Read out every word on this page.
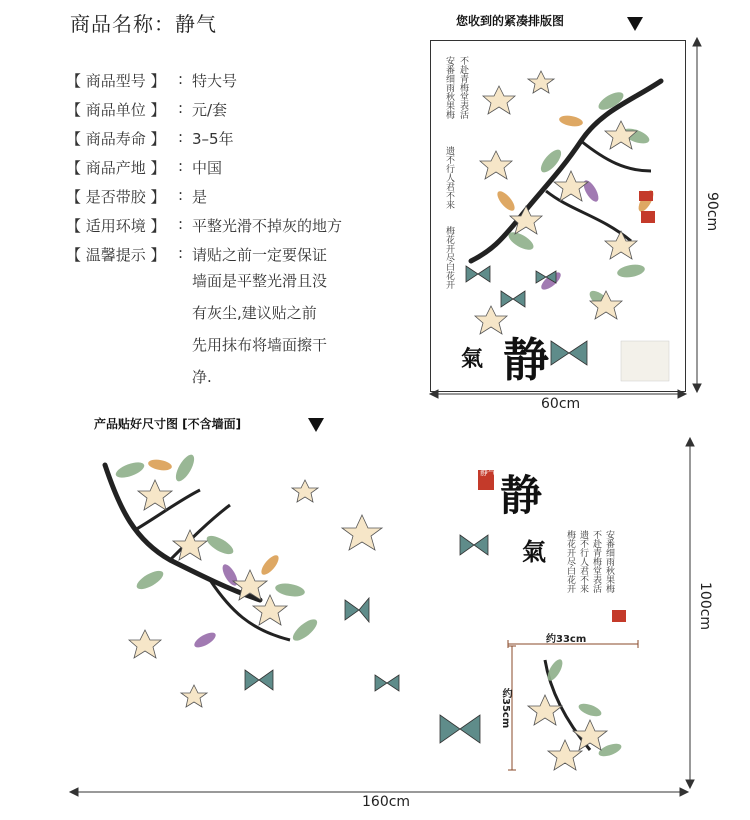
商品名称：静气
【 商品型号 】 : 特大号
【 商品单位 】 : 元/套
【 商品寿命 】 : 3–5年
【 商品产地 】 : 中国
【 是否带胶 】 : 是
【 适用环境 】 : 平整光滑不掉灰的地方
【 温馨提示 】 : 请贴之前一定要保证
墙面是平整光滑且没
有灰尘,建议贴之前
先用抹布将墙面擦干
净.
您收到的紧凑排版图
安番细雨秋果梅 不赴青梅堂表活
遗不行人君不来
梅花开尽白花开
静
氣
60cm
90cm
100cm
160cm
约33cm
约35cm
产品贴好尺寸图 [不含墙面]
静
氣 梅花开尽白花开 遗不行人君不来 不赴青梅堂表活 安番细雨秋果梅
静气
